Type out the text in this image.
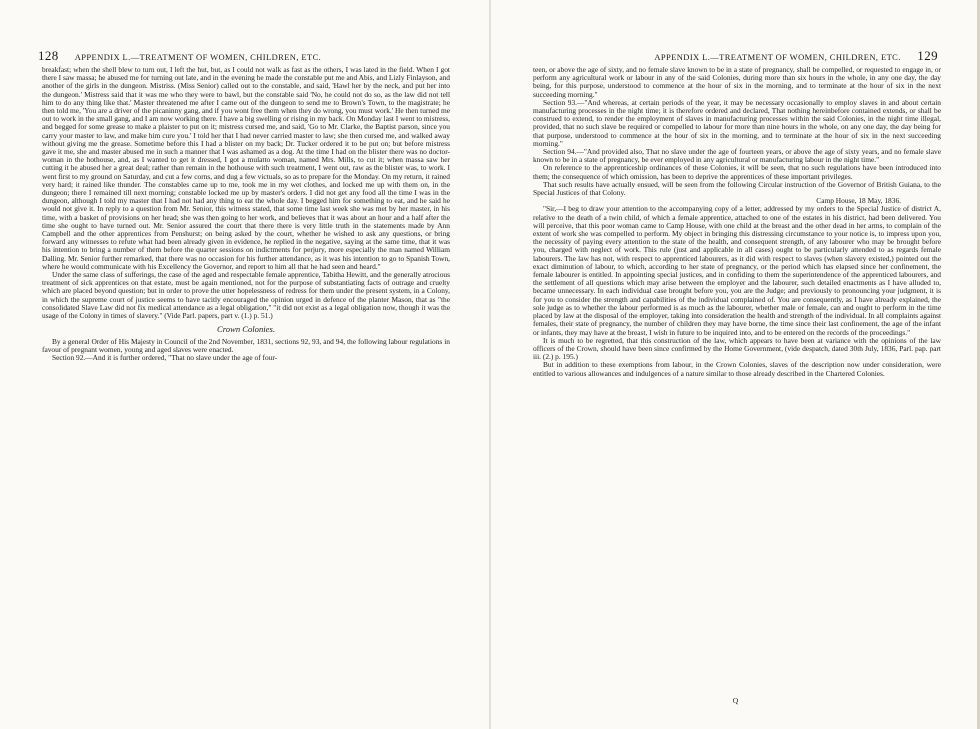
128 APPENDIX L.—TREATMENT OF WOMEN, CHILDREN, ETC.

breakfast; when the shell blew to turn out, I left the hut, but, as I could not walk as fast as the others, I was lated in the field. When I got there I saw massa; he abused me for turning out late, and in the evening he made the constable put me and Abis, and Lizly Finlayson, and another of the girls in the dungeon. Mistriss. (Miss Senior) called out to the constable, and said, 'Hawl her by the neck, and put her into the dungeon.' Mistress said that it was me who they were to bawl, but the constable said 'No, he could not do so, as the law did not tell him to do any thing like that.' Master threatened me after I came out of the dungeon to send me to Brown's Town, to the magistrate; he then told me, 'You are a driver of the picaninny gang, and if you wont free them when they do wrong, you must work.' He then turned me out to work in the small gang, and I am now working there. I have a big swelling or rising in my back. On Monday last I went to mistress, and begged for some grease to make a plaister to put on it; mistress cursed me, and said, 'Go to Mr. Clarke, the Baptist parson, since you carry your master to law, and make him cure you.' I told her that I had never carried master to law; she then cursed me, and walked away without giving me the grease. Sometime before this I had a blister on my back; Dr. Tucker ordered it to be put on; but before mistress gave it me, she and master abused me in such a manner that I was ashamed as a dog. At the time I had on the blister there was no doctor-woman in the hothouse, and, as I wanted to get it dressed, I got a mulatto woman, named Mrs. Mills, to cut it; when massa saw her cutting it he abused her a great deal; rather than remain in the hothouse with such treatment, I went out, raw as the blister was, to work. I went first to my ground on Saturday, and cut a few corns, and dug a few victuals, so as to prepare for the Monday. On my return, it rained very hard; it rained like thunder. The constables came up to me, took me in my wet clothes, and locked me up with them on, in the dungeon; there I remained till next morning; constable locked me up by master's orders. I did not get any food all the time I was in the dungeon, although I told my master that I had not had any thing to eat the whole day. I begged him for something to eat, and he said he would not give it. In reply to a question from Mr. Senior, this witness stated, that some time last week she was met by her master, in his time, with a basket of provisions on her head; she was then going to her work, and believes that it was about an hour and a half after the time she ought to have turned out. Mr. Senior assured the court that there there is very little truth in the statements made by Ann Campbell and the other apprentices from Penshurst; on being asked by the court, whether he wished to ask any questions, or bring forward any witnesses to refute what had been already given in evidence, he replied in the negative, saying at the same time, that it was his intention to bring a number of them before the quarter sessions on indictments for perjury, more especially the man named William Dalling. Mr. Senior further remarked, that there was no occasion for his further attendance, as it was his intention to go to Spanish Town, where he would communicate with his Excellency the Governor, and report to him all that he had seen and heard."

Under the same class of sufferings, the case of the aged and respectable female apprentice, Tabitha Hewitt, and the generally atrocious treatment of sick apprentices on that estate, must be again mentioned, not for the purpose of substantiating facts of outrage and cruelty which are placed beyond question; but in order to prove the utter hopelessness of redress for them under the present system, in a Colony, in which the supreme court of justice seems to have tacitly encouraged the opinion urged in defence of the planter Mason, that as "the consolidated Slave Law did not fix medical attendance as a legal obligation," "it did not exist as a legal obligation now, though it was the usage of the Colony in times of slavery." (Vide Parl. papers, part v. (1.) p. 51.)

Crown Colonies.

By a general Order of His Majesty in Council of the 2nd November, 1831, sections 92, 93, and 94, the following labour regulations in favour of pregnant women, young and aged slaves were enacted.

Section 92.—And it is further ordered, "That no slave under the age of four-

APPENDIX L.—TREATMENT OF WOMEN, CHILDREN, ETC. 129

teen, or above the age of sixty, and no female slave known to be in a state of pregnancy, shall be compelled, or requested to engage in, or perform any agricultural work or labour in any of the said Colonies, during more than six hours in the whole, in any one day, the day being, for this purpose, understood to commence at the hour of six in the morning, and to terminate at the hour of six in the next succeeding morning."

Section 93.—"And whereas, at certain periods of the year, it may be necessary occasionally to employ slaves in and about certain manufacturing processes in the night time; it is therefore ordered and declared, That nothing hereinbefore contained extends, or shall be construed to extend, to render the employment of slaves in manufacturing processes within the said Colonies, in the night time illegal, provided, that no such slave be required or compelled to labour for more than nine hours in the whole, on any one day, the day being for that purpose, understood to commence at the hour of six in the morning, and to terminate at the hour of six in the next succeeding morning."

Section 94.—"And provided also, That no slave under the age of fourteen years, or above the age of sixty years, and no female slave known to be in a state of pregnancy, be ever employed in any agricultural or manufacturing labour in the night time."

On reference to the apprenticeship ordinances of these Colonies, it will be seen, that no such regulations have been introduced into them; the consequence of which omission, has been to deprive the apprentices of these important privileges.

That such results have actually ensued, will be seen from the following Circular instruction of the Governor of British Guiana, to the Special Justices of that Colony.

Camp House, 18 May, 1836.

"Sir,—I beg to draw your attention to the accompanying copy of a letter, addressed by my orders to the Special Justice of district A, relative to the death of a twin child, of which a female apprentice, attached to one of the estates in his district, had been delivered. You will perceive, that this poor woman came to Camp House, with one child at the breast and the other dead in her arms, to complain of the extent of work she was compelled to perform. My object in bringing this distressing circumstance to your notice is, to impress upon you, the necessity of paying every attention to the state of the health, and consequent strength, of any labourer who may be brought before you, charged with neglect of work. This rule (just and applicable in all cases) ought to be particularly attended to as regards female labourers. The law has not, with respect to apprenticed labourers, as it did with respect to slaves (when slavery existed,) pointed out the exact diminution of labour, to which, according to her state of pregnancy, or the period which has elapsed since her confinement, the female labourer is entitled. In appointing special justices, and in confiding to them the superintendence of the apprenticed labourers, and the settlement of all questions which may arise between the employer and the labourer, such detailed enactments as I have alluded to, became unnecessary. In each individual case brought before you, you are the Judge; and previously to pronouncing your judgment, it is for you to consider the strength and capabilities of the individual complained of. You are consequently, as I have already explained, the sole judge as to whether the labour performed is as much as the labourer, whether male or female, can and ought to perform in the time placed by law at the disposal of the employer, taking into consideration the health and strength of the individual. In all complaints against females, their state of pregnancy, the number of children they may have borne, the time since their last confinement, the age of the infant or infants, they may have at the breast, I wish in future to be inquired into, and to be entered on the records of the proceedings."

It is much to be regretted, that this construction of the law, which appears to have been at variance with the opinions of the law officers of the Crown, should have been since confirmed by the Home Government, (vide despatch, dated 30th July, 1836, Parl. pap. part iii. (2.) p. 195.)

But in addition to these exemptions from labour, in the Crown Colonies, slaves of the description now under consideration, were entitled to various allowances and indulgences of a nature similar to those already described in the Chartered Colonies.

Q
